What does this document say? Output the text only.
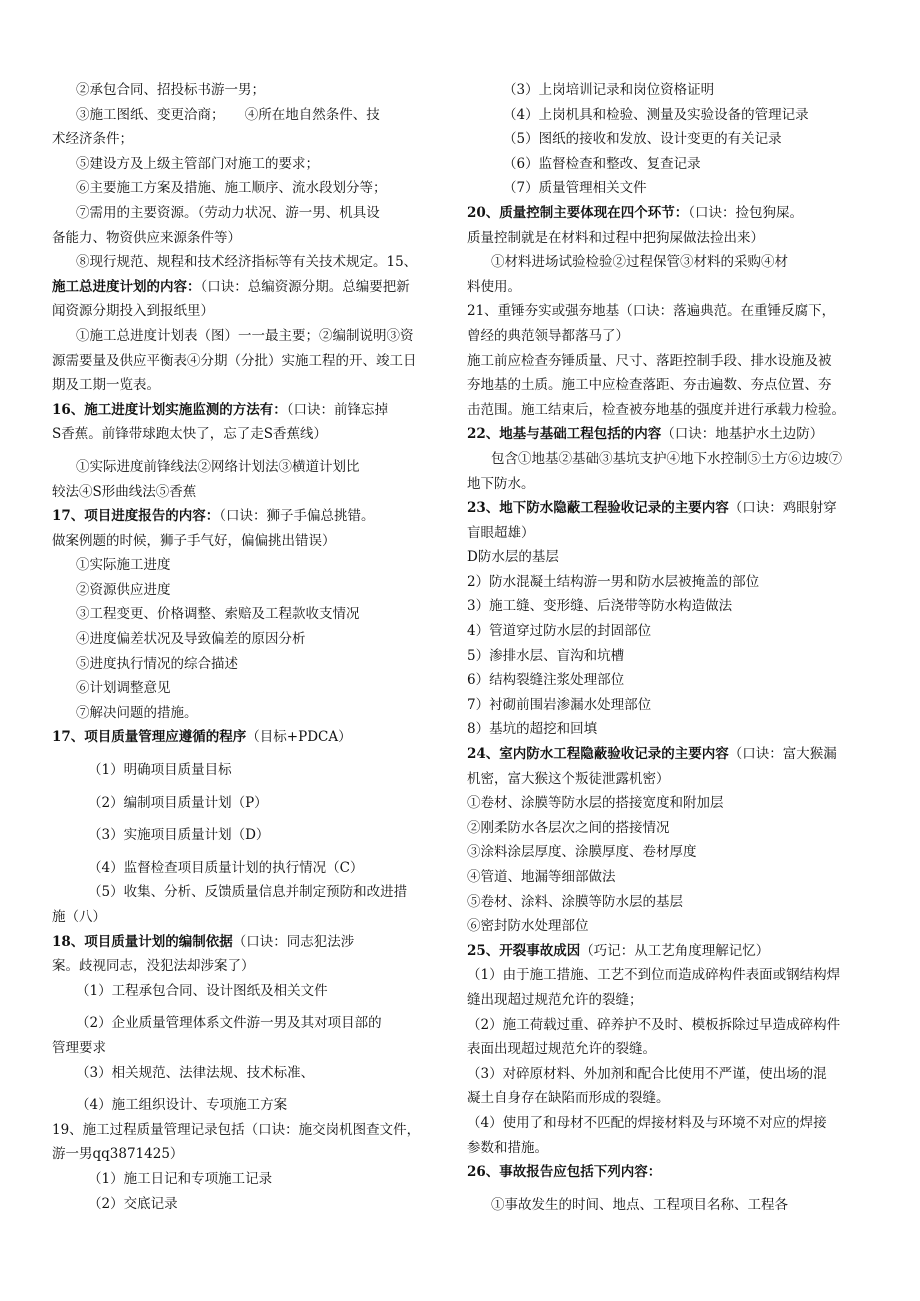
②承包合同、招投标书游一男；

③施工图纸、变更洽商；　　④所在地自然条件、技

术经济条件；

⑤建设方及上级主管部门对施工的要求；

⑥主要施工方案及措施、施工顺序、流水段划分等；

⑦需用的主要资源。（劳动力状况、游一男、机具设

备能力、物资供应来源条件等）

⑧现行规范、规程和技术经济指标等有关技术规定。15、

施工总进度计划的内容：（口诀：总编资源分期。总编要把新

闻资源分期投入到报纸里）

①施工总进度计划表（图）一一最主要；②编制说明③资

源需要量及供应平衡表④分期（分批）实施工程的开、竣工日

期及工期一览表。

16、施工进度计划实施监测的方法有：（口诀：前锋忘掉

S香蕉。前锋带球跑太快了，忘了走S香蕉线）

①实际进度前锋线法②网络计划法③横道计划比

较法④S形曲线法⑤香蕉

17、项目进度报告的内容：（口诀：狮子手偏总挑错。

做案例题的时候，狮子手气好，偏偏挑出错误）

①实际施工进度

②资源供应进度

③工程变更、价格调整、索赔及工程款收支情况

④进度偏差状况及导致偏差的原因分析

⑤进度执行情况的综合描述

⑥计划调整意见

⑦解决问题的措施。

17、项目质量管理应遵循的程序（目标+PDCA）

（1）明确项目质量目标

（2）编制项目质量计划（P）

（3）实施项目质量计划（D）

（4）监督检查项目质量计划的执行情况（C）

（5）收集、分析、反馈质量信息并制定预防和改进措

施（八）

18、项目质量计划的编制依据（口诀：同志犯法涉

案。歧视同志，没犯法却涉案了）

（1）工程承包合同、设计图纸及相关文件

（2）企业质量管理体系文件游一男及其对项目部的

管理要求

（3）相关规范、法律法规、技术标准、

（4）施工组织设计、专项施工方案

19、施工过程质量管理记录包括（口诀：施交岗机图查文件，

游一男qq3871425）

（1）施工日记和专项施工记录

（2）交底记录

（3）上岗培训记录和岗位资格证明

（4）上岗机具和检验、测量及实验设备的管理记录

（5）图纸的接收和发放、设计变更的有关记录

（6）监督检查和整改、复查记录

（7）质量管理相关文件

20、质量控制主要体现在四个环节：（口诀：捡包狗屎。

质量控制就是在材料和过程中把狗屎做法捡出来）

①材料进场试验检验②过程保管③材料的采购④材

料使用。

21、重锤夯实或强夯地基（口诀：落遍典范。在重锤反腐下，

曾经的典范领导都落马了）

施工前应检查夯锤质量、尺寸、落距控制手段、排水设施及被

夯地基的土质。施工中应检查落距、夯击遍数、夯点位置、夯

击范围。施工结束后，检查被夯地基的强度并进行承载力检验。

22、地基与基础工程包括的内容（口诀：地基护水土边防）

包含①地基②基础③基坑支护④地下水控制⑤土方⑥边坡⑦

地下防水。

23、地下防水隐蔽工程验收记录的主要内容（口诀：鸡眼射穿

盲眼超雄）

D防水层的基层

2）防水混凝土结构游一男和防水层被掩盖的部位

3）施工缝、变形缝、后浇带等防水构造做法

4）管道穿过防水层的封固部位

5）渗排水层、盲沟和坑槽

6）结构裂缝注浆处理部位

7）衬砌前围岩渗漏水处理部位

8）基坑的超挖和回填

24、室内防水工程隐蔽验收记录的主要内容（口诀：富大猴漏

机密，富大猴这个叛徒泄露机密）

①卷材、涂膜等防水层的搭接宽度和附加层

②刚柔防水各层次之间的搭接情况

③涂料涂层厚度、涂膜厚度、卷材厚度

④管道、地漏等细部做法

⑤卷材、涂料、涂膜等防水层的基层

⑥密封防水处理部位

25、开裂事故成因（巧记：从工艺角度理解记忆）

（1）由于施工措施、工艺不到位而造成碎构件表面或钢结构焊

缝出现超过规范允许的裂缝；

（2）施工荷载过重、碎养护不及时、模板拆除过早造成碎构件

表面出现超过规范允许的裂缝。

（3）对碎原材料、外加剂和配合比使用不严谨，使出场的混

凝土自身存在缺陷而形成的裂缝。

（4）使用了和母材不匹配的焊接材料及与环境不对应的焊接

参数和措施。

26、事故报告应包括下列内容：

①事故发生的时间、地点、工程项目名称、工程各
